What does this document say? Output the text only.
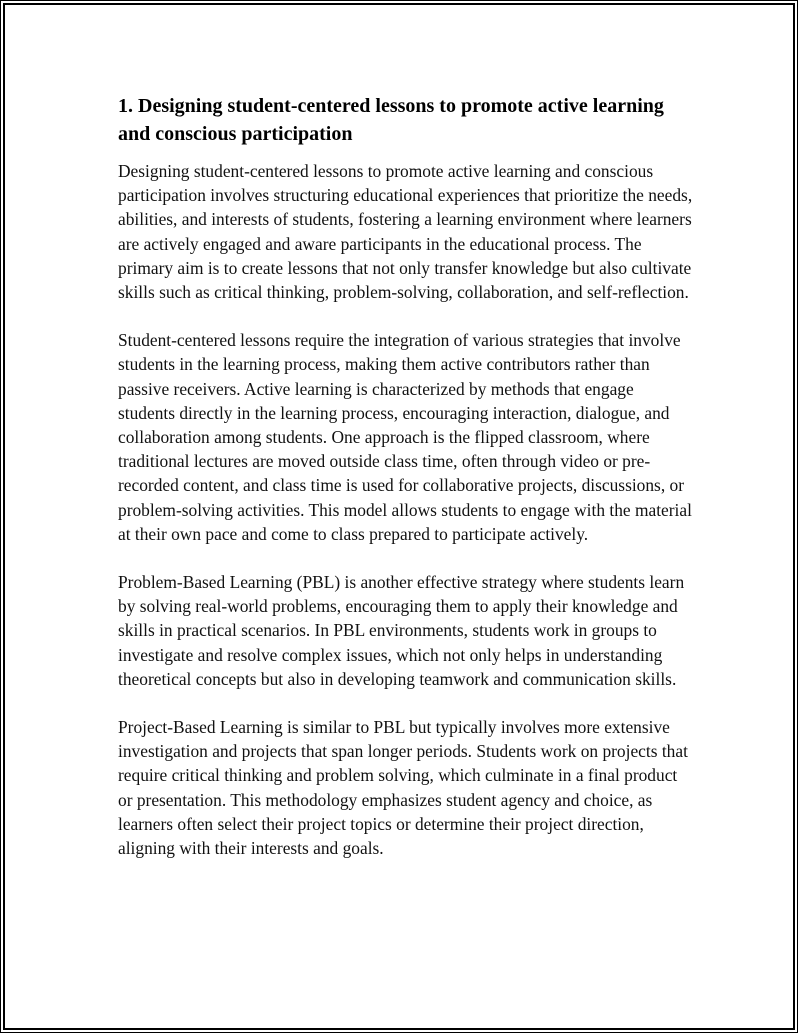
1. Designing student-centered lessons to promote active learning and conscious participation

Designing student-centered lessons to promote active learning and conscious participation involves structuring educational experiences that prioritize the needs, abilities, and interests of students, fostering a learning environment where learners are actively engaged and aware participants in the educational process. The primary aim is to create lessons that not only transfer knowledge but also cultivate skills such as critical thinking, problem-solving, collaboration, and self-reflection.

Student-centered lessons require the integration of various strategies that involve students in the learning process, making them active contributors rather than passive receivers. Active learning is characterized by methods that engage students directly in the learning process, encouraging interaction, dialogue, and collaboration among students. One approach is the flipped classroom, where traditional lectures are moved outside class time, often through video or pre-recorded content, and class time is used for collaborative projects, discussions, or problem-solving activities. This model allows students to engage with the material at their own pace and come to class prepared to participate actively.

Problem-Based Learning (PBL) is another effective strategy where students learn by solving real-world problems, encouraging them to apply their knowledge and skills in practical scenarios. In PBL environments, students work in groups to investigate and resolve complex issues, which not only helps in understanding theoretical concepts but also in developing teamwork and communication skills.

Project-Based Learning is similar to PBL but typically involves more extensive investigation and projects that span longer periods. Students work on projects that require critical thinking and problem solving, which culminate in a final product or presentation. This methodology emphasizes student agency and choice, as learners often select their project topics or determine their project direction, aligning with their interests and goals.
